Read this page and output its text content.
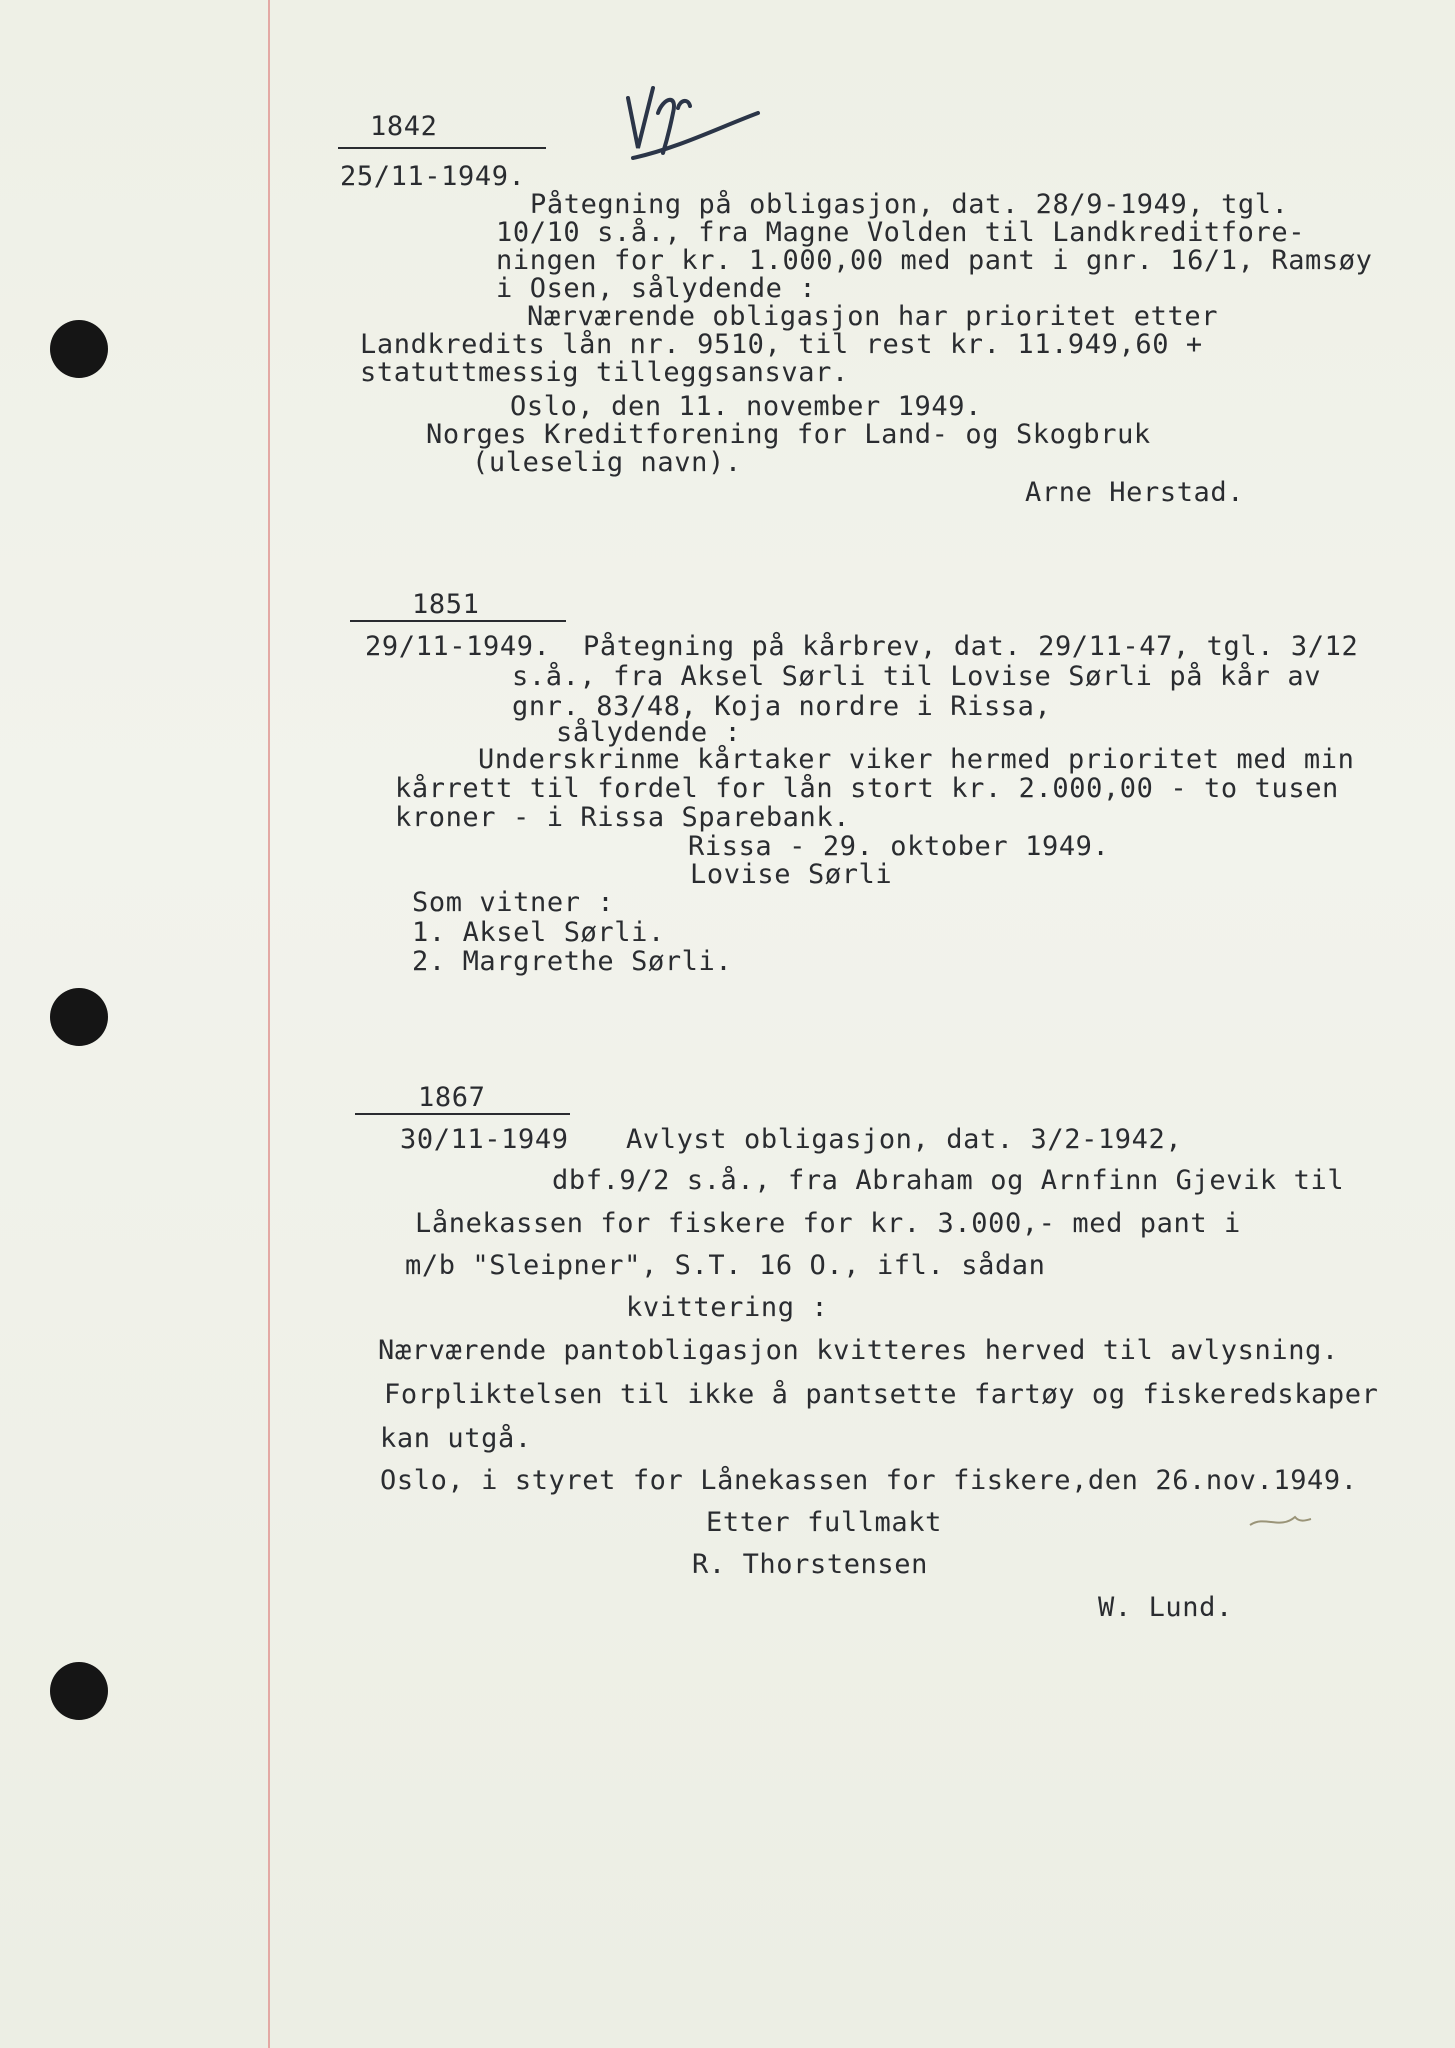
1842
25/11-1949.
Påtegning på obligasjon, dat. 28/9-1949, tgl.
10/10 s.å., fra Magne Volden til Landkreditfore-
ningen for kr. 1.000,00 med pant i gnr. 16/1, Ramsøy
i Osen, sålydende :
Nærværende obligasjon har prioritet etter
Landkredits lån nr. 9510, til rest kr. 11.949,60 +
statuttmessig tilleggsansvar.
Oslo, den 11. november 1949.
Norges Kreditforening for Land- og Skogbruk
(uleselig navn).
Arne Herstad.
1851
29/11-1949. Påtegning på kårbrev, dat. 29/11-47, tgl. 3/12
s.å., fra Aksel Sørli til Lovise Sørli på kår av
gnr. 83/48, Koja nordre i Rissa,
sålydende :
Underskrinme kårtaker viker hermed prioritet med min
kårrett til fordel for lån stort kr. 2.000,00 - to tusen
kroner - i Rissa Sparebank.
Rissa - 29. oktober 1949.
Lovise Sørli
Som vitner :
1. Aksel Sørli.
2. Margrethe Sørli.
1867
30/11-1949 Avlyst obligasjon, dat. 3/2-1942,
dbf.9/2 s.å., fra Abraham og Arnfinn Gjevik til
Lånekassen for fiskere for kr. 3.000,- med pant i
m/b "Sleipner", S.T. 16 O., ifl. sådan
kvittering :
Nærværende pantobligasjon kvitteres herved til avlysning.
Forpliktelsen til ikke å pantsette fartøy og fiskeredskaper
kan utgå.
Oslo, i styret for Lånekassen for fiskere,den 26.nov.1949.
Etter fullmakt
R. Thorstensen
W. Lund.
